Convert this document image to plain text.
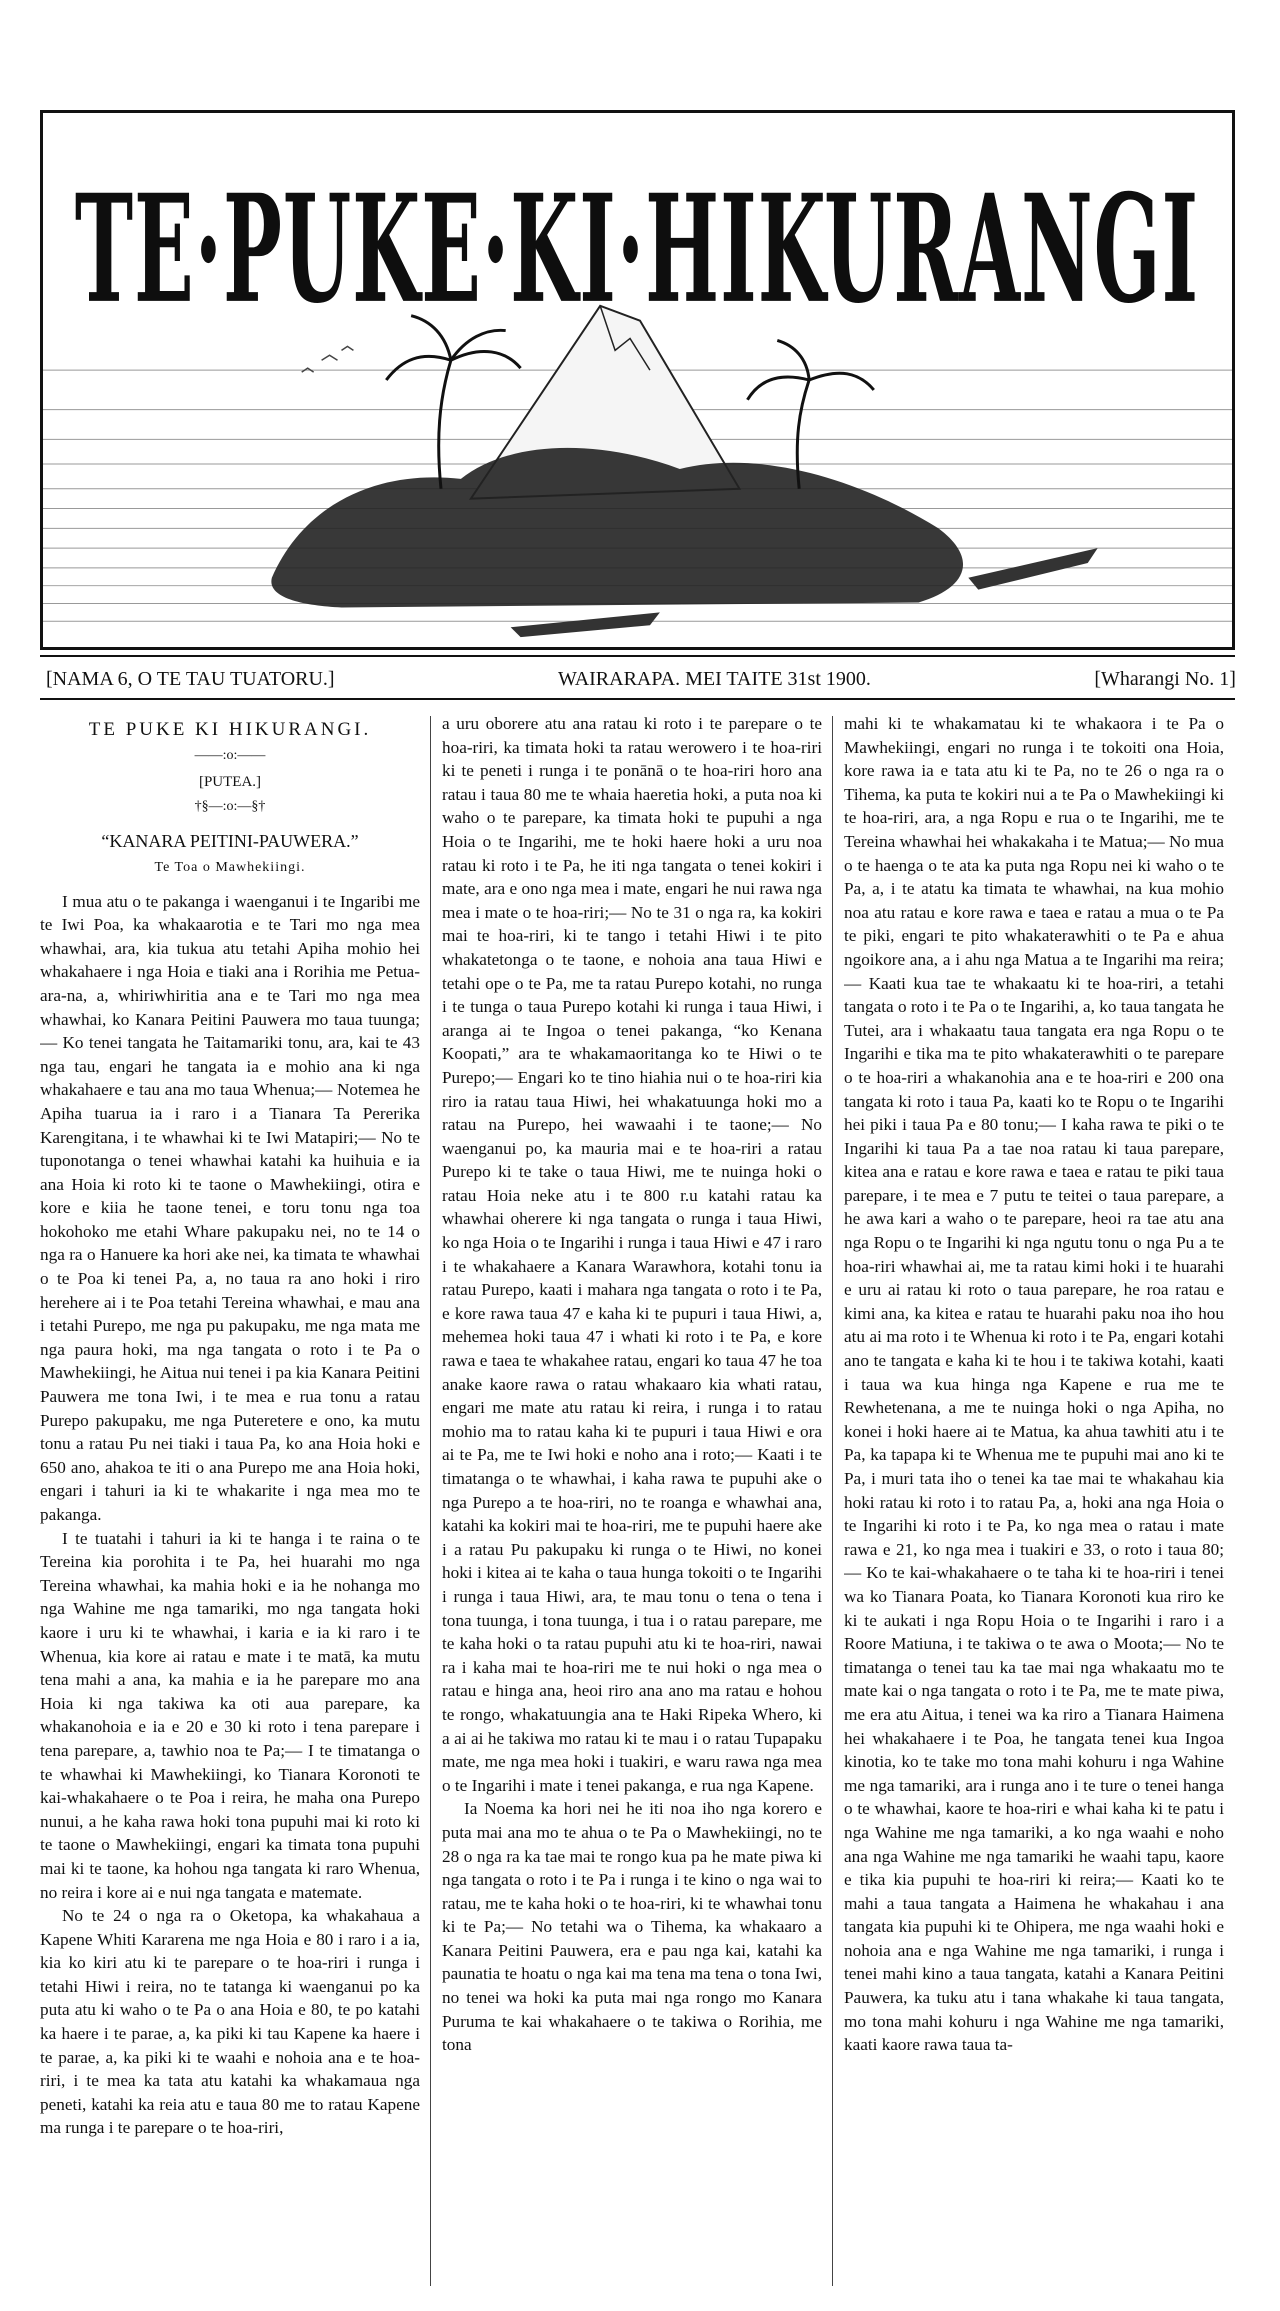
TE·PUKE·KI·HIKURANGI
[NAMA 6, O TE TAU TUATORU.]	WAIRARAPA. MEI TAITE 31st 1900.	[Wharangi No. 1]
TE PUKE KI HIKURANGI.
——:o:——
[PUTEA.]
†§—:o:—§†
“KANARA PEITINI-PAUWERA.”
Te Toa o Mawhekiingi.

I mua atu o te pakanga i waenganui i te Ingaribi me te Iwi Poa, ka whakaarotia e te Tari mo nga mea whawhai, ara, kia tukua atu tetahi Apiha mohio hei whakahaere i nga Hoia e tiaki ana i Rorihia me Petua-ara-na, a, whiriwhiritia ana e te Tari mo nga mea whawhai, ko Kanara Peitini Pauwera mo taua tuunga;— Ko tenei tangata he Taitamariki tonu, ara, kai te 43 nga tau, engari he tangata ia e mohio ana ki nga whakahaere e tau ana mo taua Whenua;— Notemea he Apiha tuarua ia i raro i a Tianara Ta Pererika Karengitana, i te whawhai ki te Iwi Matapiri;— No te tuponotanga o tenei whawhai katahi ka huihuia e ia ana Hoia ki roto ki te taone o Mawhekiingi, otira e kore e kiia he taone tenei, e toru tonu nga toa hokohoko me etahi Whare pakupaku nei, no te 14 o nga ra o Hanuere ka hori ake nei, ka timata te whawhai o te Poa ki tenei Pa, a, no taua ra ano hoki i riro herehere ai i te Poa tetahi Tereina whawhai, e mau ana i tetahi Purepo, me nga pu pakupaku, me nga mata me nga paura hoki, ma nga tangata o roto i te Pa o Mawhekiingi, he Aitua nui tenei i pa kia Kanara Peitini Pauwera me tona Iwi, i te mea e rua tonu a ratau Purepo pakupaku, me nga Puteretere e ono, ka mutu tonu a ratau Pu nei tiaki i taua Pa, ko ana Hoia hoki e 650 ano, ahakoa te iti o ana Purepo me ana Hoia hoki, engari i tahuri ia ki te whakarite i nga mea mo te pakanga.

I te tuatahi i tahuri ia ki te hanga i te raina o te Tereina kia porohita i te Pa, hei huarahi mo nga Tereina whawhai, ka mahia hoki e ia he nohanga mo nga Wahine me nga tamariki, mo nga tangata hoki kaore i uru ki te whawhai, i karia e ia ki raro i te Whenua, kia kore ai ratau e mate i te matā, ka mutu tena mahi a ana, ka mahia e ia he parepare mo ana Hoia ki nga takiwa ka oti aua parepare, ka whakanohoia e ia e 20 e 30 ki roto i tena parepare i tena parepare, a, tawhio noa te Pa;— I te timatanga o te whawhai ki Mawhekiingi, ko Tianara Koronoti te kai-whakahaere o te Poa i reira, he maha ona Purepo nunui, a he kaha rawa hoki tona pupuhi mai ki roto ki te taone o Mawhekiingi, engari ka timata tona pupuhi mai ki te taone, ka hohou nga tangata ki raro Whenua, no reira i kore ai e nui nga tangata e matemate.

No te 24 o nga ra o Oketopa, ka whakahaua a Kapene Whiti Kararena me nga Hoia e 80 i raro i a ia, kia ko kiri atu ki te parepare o te hoa-riri i runga i tetahi Hiwi i reira, no te tatanga ki waenganui po ka puta atu ki waho o te Pa o ana Hoia e 80, te po katahi ka haere i te parae, a, ka piki ki tau Kapene ka haere i te parae, a, ka piki ki te waahi e nohoia ana e te hoa-riri, i te mea ka tata atu katahi ka whakamaua nga peneti, katahi ka reia atu e taua 80 me to ratau Kapene ma runga i te parepare o te hoa-riri,

a uru oborere atu ana ratau ki roto i te parepare o te hoa-riri, ka timata hoki ta ratau werowero i te hoa-riri ki te peneti i runga i te ponānā o te hoa-riri horo ana ratau i taua 80 me te whaia haeretia hoki, a puta noa ki waho o te parepare, ka timata hoki te pupuhi a nga Hoia o te Ingarihi, me te hoki haere hoki a uru noa ratau ki roto i te Pa, he iti nga tangata o tenei kokiri i mate, ara e ono nga mea i mate, engari he nui rawa nga mea i mate o te hoa-riri;— No te 31 o nga ra, ka kokiri mai te hoa-riri, ki te tango i tetahi Hiwi i te pito whakatetonga o te taone, e nohoia ana taua Hiwi e tetahi ope o te Pa, me ta ratau Purepo kotahi, no runga i te tunga o taua Purepo kotahi ki runga i taua Hiwi, i aranga ai te Ingoa o tenei pakanga, “ko Kenana Koopati,” ara te whakamaoritanga ko te Hiwi o te Purepo;— Engari ko te tino hiahia nui o te hoa-riri kia riro ia ratau taua Hiwi, hei whakatuunga hoki mo a ratau na Purepo, hei wawaahi i te taone;— No waenganui po, ka mauria mai e te hoa-riri a ratau Purepo ki te take o taua Hiwi, me te nuinga hoki o ratau Hoia neke atu i te 800 r.u katahi ratau ka whawhai oherere ki nga tangata o runga i taua Hiwi, ko nga Hoia o te Ingarihi i runga i taua Hiwi e 47 i raro i te whakahaere a Kanara Warawhora, kotahi tonu ia ratau Purepo, kaati i mahara nga tangata o roto i te Pa, e kore rawa taua 47 e kaha ki te pupuri i taua Hiwi, a, mehemea hoki taua 47 i whati ki roto i te Pa, e kore rawa e taea te whakahee ratau, engari ko taua 47 he toa anake kaore rawa o ratau whakaaro kia whati ratau, engari me mate atu ratau ki reira, i runga i to ratau mohio ma to ratau kaha ki te pupuri i taua Hiwi e ora ai te Pa, me te Iwi hoki e noho ana i roto;— Kaati i te timatanga o te whawhai, i kaha rawa te pupuhi ake o nga Purepo a te hoa-riri, no te roanga e whawhai ana, katahi ka kokiri mai te hoa-riri, me te pupuhi haere ake i a ratau Pu pakupaku ki runga o te Hiwi, no konei hoki i kitea ai te kaha o taua hunga tokoiti o te Ingarihi i runga i taua Hiwi, ara, te mau tonu o tena o tena i tona tuunga, i tona tuunga, i tua i o ratau parepare, me te kaha hoki o ta ratau pupuhi atu ki te hoa-riri, nawai ra i kaha mai te hoa-riri me te nui hoki o nga mea o ratau e hinga ana, heoi riro ana ano ma ratau e hohou te rongo, whakatuungia ana te Haki Ripeka Whero, ki a ai ai he takiwa mo ratau ki te mau i o ratau Tupapaku mate, me nga mea hoki i tuakiri, e waru rawa nga mea o te Ingarihi i mate i tenei pakanga, e rua nga Kapene.

Ia Noema ka hori nei he iti noa iho nga korero e puta mai ana mo te ahua o te Pa o Mawhekiingi, no te 28 o nga ra ka tae mai te rongo kua pa he mate piwa ki nga tangata o roto i te Pa i runga i te kino o nga wai to ratau, me te kaha hoki o te hoa-riri, ki te whawhai tonu ki te Pa;— No tetahi wa o Tihema, ka whakaaro a Kanara Peitini Pauwera, era e pau nga kai, katahi ka paunatia te hoatu o nga kai ma tena ma tena o tona Iwi, no tenei wa hoki ka puta mai nga rongo mo Kanara Puruma te kai whakahaere o te takiwa o Rorihia, me tona

mahi ki te whakamatau ki te whakaora i te Pa o Mawhekiingi, engari no runga i te tokoiti ona Hoia, kore rawa ia e tata atu ki te Pa, no te 26 o nga ra o Tihema, ka puta te kokiri nui a te Pa o Mawhekiingi ki te hoa-riri, ara, a nga Ropu e rua o te Ingarihi, me te Tereina whawhai hei whakakaha i te Matua;— No mua o te haenga o te ata ka puta nga Ropu nei ki waho o te Pa, a, i te atatu ka timata te whawhai, na kua mohio noa atu ratau e kore rawa e taea e ratau a mua o te Pa te piki, engari te pito whakaterawhiti o te Pa e ahua ngoikore ana, a i ahu nga Matua a te Ingarihi ma reira;— Kaati kua tae te whakaatu ki te hoa-riri, a tetahi tangata o roto i te Pa o te Ingarihi, a, ko taua tangata he Tutei, ara i whakaatu taua tangata era nga Ropu o te Ingarihi e tika ma te pito whakaterawhiti o te parepare o te hoa-riri a whakanohia ana e te hoa-riri e 200 ona tangata ki roto i taua Pa, kaati ko te Ropu o te Ingarihi hei piki i taua Pa e 80 tonu;— I kaha rawa te piki o te Ingarihi ki taua Pa a tae noa ratau ki taua parepare, kitea ana e ratau e kore rawa e taea e ratau te piki taua parepare, i te mea e 7 putu te teitei o taua parepare, a he awa kari a waho o te parepare, heoi ra tae atu ana nga Ropu o te Ingarihi ki nga ngutu tonu o nga Pu a te hoa-riri whawhai ai, me ta ratau kimi hoki i te huarahi e uru ai ratau ki roto o taua parepare, he roa ratau e kimi ana, ka kitea e ratau te huarahi paku noa iho hou atu ai ma roto i te Whenua ki roto i te Pa, engari kotahi ano te tangata e kaha ki te hou i te takiwa kotahi, kaati i taua wa kua hinga nga Kapene e rua me te Rewhetenana, a me te nuinga hoki o nga Apiha, no konei i hoki haere ai te Matua, ka ahua tawhiti atu i te Pa, ka tapapa ki te Whenua me te pupuhi mai ano ki te Pa, i muri tata iho o tenei ka tae mai te whakahau kia hoki ratau ki roto i to ratau Pa, a, hoki ana nga Hoia o te Ingarihi ki roto i te Pa, ko nga mea o ratau i mate rawa e 21, ko nga mea i tuakiri e 33, o roto i taua 80;— Ko te kai-whakahaere o te taha ki te hoa-riri i tenei wa ko Tianara Poata, ko Tianara Koronoti kua riro ke ki te aukati i nga Ropu Hoia o te Ingarihi i raro i a Roore Matiuna, i te takiwa o te awa o Moota;— No te timatanga o tenei tau ka tae mai nga whakaatu mo te mate kai o nga tangata o roto i te Pa, me te mate piwa, me era atu Aitua, i tenei wa ka riro a Tianara Haimena hei whakahaere i te Poa, he tangata tenei kua Ingoa kinotia, ko te take mo tona mahi kohuru i nga Wahine me nga tamariki, ara i runga ano i te ture o tenei hanga o te whawhai, kaore te hoa-riri e whai kaha ki te patu i nga Wahine me nga tamariki, a ko nga waahi e noho ana nga Wahine me nga tamariki he waahi tapu, kaore e tika kia pupuhi te hoa-riri ki reira;— Kaati ko te mahi a taua tangata a Haimena he whakahau i ana tangata kia pupuhi ki te Ohipera, me nga waahi hoki e nohoia ana e nga Wahine me nga tamariki, i runga i tenei mahi kino a taua tangata, katahi a Kanara Peitini Pauwera, ka tuku atu i tana whakahe ki taua tangata, mo tona mahi kohuru i nga Wahine me nga tamariki, kaati kaore rawa taua ta-
